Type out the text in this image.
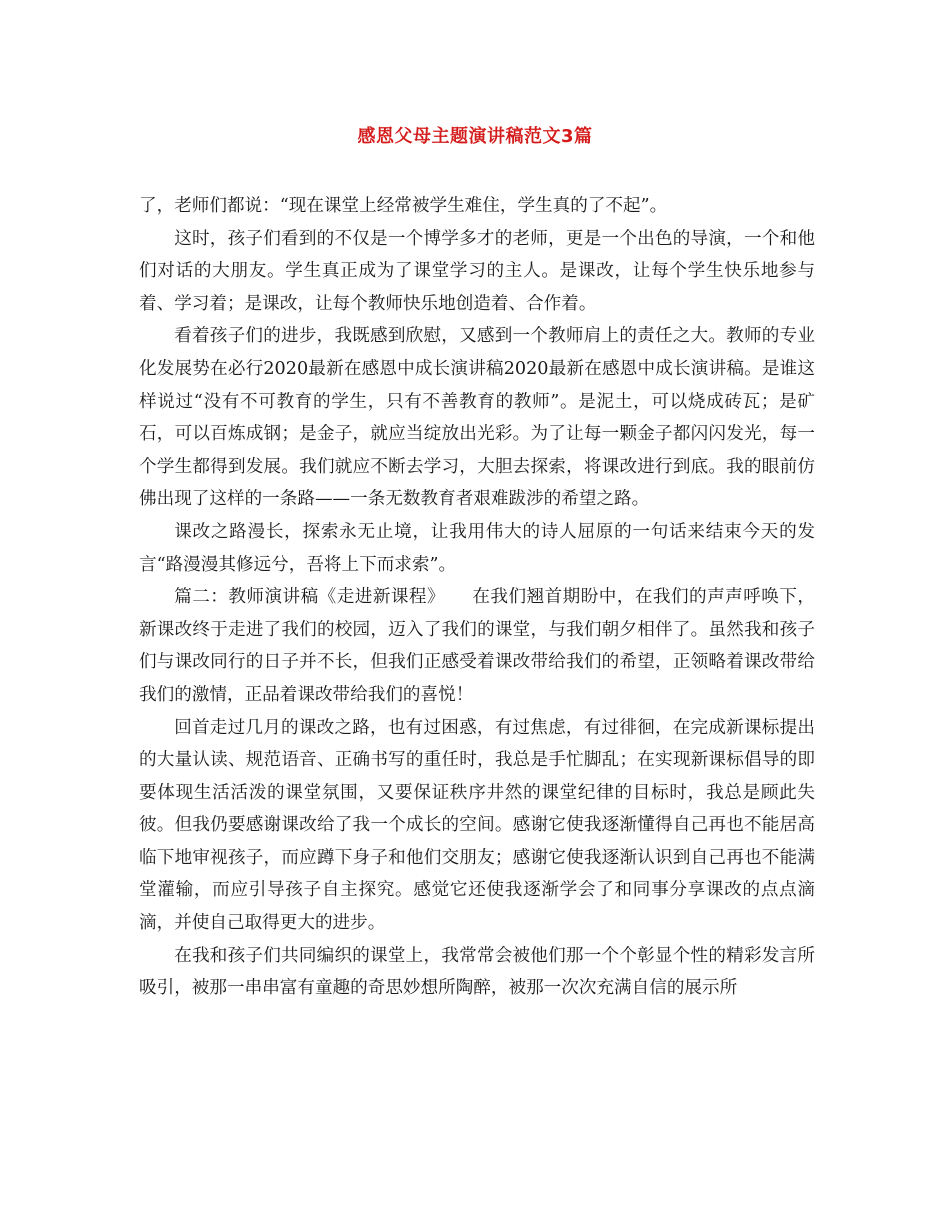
感恩父母主题演讲稿范文3篇

了，老师们都说：“现在课堂上经常被学生难住，学生真的了不起”。

这时，孩子们看到的不仅是一个博学多才的老师，更是一个出色的导演，一个和他们对话的大朋友。学生真正成为了课堂学习的主人。是课改，让每个学生快乐地参与着、学习着；是课改，让每个教师快乐地创造着、合作着。

看着孩子们的进步，我既感到欣慰，又感到一个教师肩上的责任之大。教师的专业化发展势在必行2020最新在感恩中成长演讲稿2020最新在感恩中成长演讲稿。是谁这样说过“没有不可教育的学生，只有不善教育的教师”。是泥土，可以烧成砖瓦；是矿石，可以百炼成钢；是金子，就应当绽放出光彩。为了让每一颗金子都闪闪发光，每一个学生都得到发展。我们就应不断去学习，大胆去探索，将课改进行到底。我的眼前仿佛出现了这样的一条路——一条无数教育者艰难跋涉的希望之路。

课改之路漫长，探索永无止境，让我用伟大的诗人屈原的一句话来结束今天的发言“路漫漫其修远兮，吾将上下而求索”。

篇二：教师演讲稿《走进新课程》　　在我们翘首期盼中，在我们的声声呼唤下，新课改终于走进了我们的校园，迈入了我们的课堂，与我们朝夕相伴了。虽然我和孩子们与课改同行的日子并不长，但我们正感受着课改带给我们的希望，正领略着课改带给我们的激情，正品着课改带给我们的喜悦！

回首走过几月的课改之路，也有过困惑，有过焦虑，有过徘徊，在完成新课标提出的大量认读、规范语音、正确书写的重任时，我总是手忙脚乱；在实现新课标倡导的即要体现生活活泼的课堂氛围，又要保证秩序井然的课堂纪律的目标时，我总是顾此失彼。但我仍要感谢课改给了我一个成长的空间。感谢它使我逐渐懂得自己再也不能居高临下地审视孩子，而应蹲下身子和他们交朋友；感谢它使我逐渐认识到自己再也不能满堂灌输，而应引导孩子自主探究。感觉它还使我逐渐学会了和同事分享课改的点点滴滴，并使自己取得更大的进步。

在我和孩子们共同编织的课堂上，我常常会被他们那一个个彰显个性的精彩发言所吸引，被那一串串富有童趣的奇思妙想所陶醉，被那一次次充满自信的展示所
